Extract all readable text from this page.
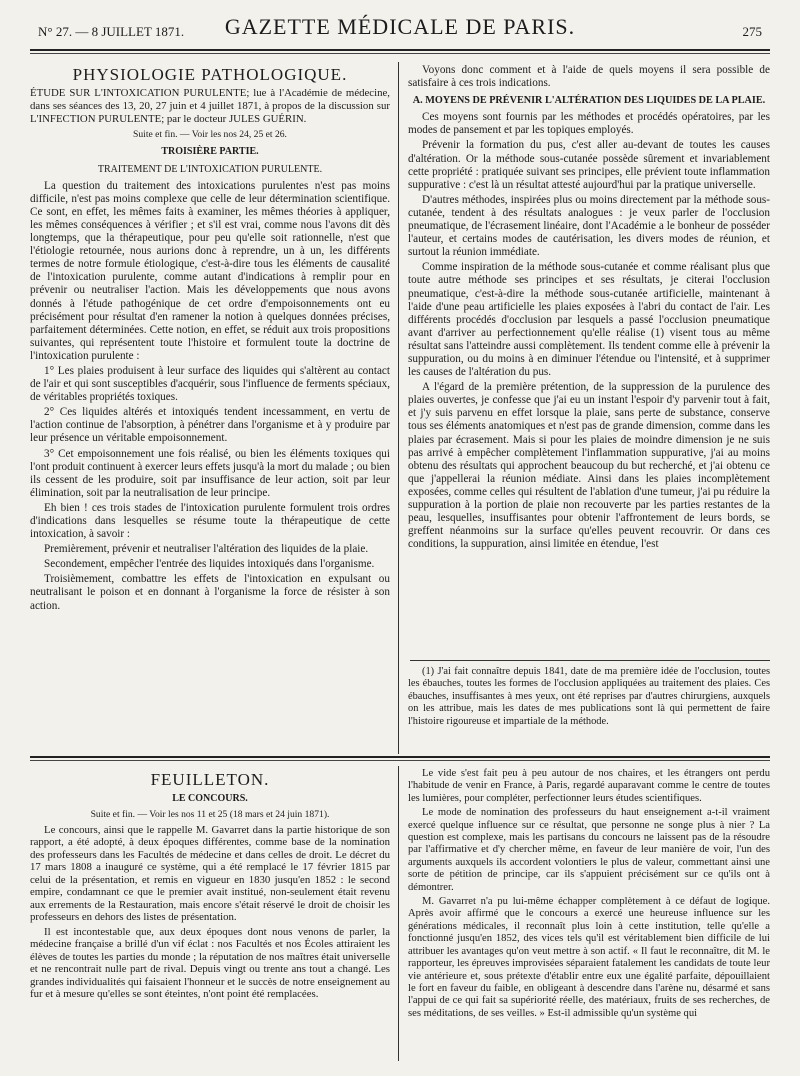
N° 27. — 8 JUILLET 1871.	GAZETTE MÉDICALE DE PARIS.	275
PHYSIOLOGIE PATHOLOGIQUE.

ÉTUDE SUR L'INTOXICATION PURULENTE; lue à l'Académie de médecine, dans ses séances des 13, 20, 27 juin et 4 juillet 1871, à propos de la discussion sur L'INFECTION PURULENTE; par le docteur JULES GUÉRIN.

Suite et fin. — Voir les nos 24, 25 et 26.

TROISIÈRE PARTIE.
TRAITEMENT DE L'INTOXICATION PURULENTE.

La question du traitement des intoxications purulentes n'est pas moins difficile, n'est pas moins complexe que celle de leur détermination scientifique. Ce sont, en effet, les mêmes faits à examiner, les mêmes théories à appliquer, les mêmes conséquences à vérifier ; et s'il est vrai, comme nous l'avons dit dès longtemps, que la thérapeutique, pour peu qu'elle soit rationnelle, n'est que l'étiologie retournée, nous aurions donc à reprendre, un à un, les différents termes de notre formule étiologique, c'est-à-dire tous les éléments de causalité de l'intoxication purulente, comme autant d'indications à remplir pour en prévenir ou neutraliser l'action. Mais les développements que nous avons donnés à l'étude pathogénique de cet ordre d'empoisonnements ont eu précisément pour résultat d'en ramener la notion à quelques données précises, parfaitement déterminées. Cette notion, en effet, se réduit aux trois propositions suivantes, qui représentent toute l'histoire et formulent toute la doctrine de l'intoxication purulente :

1° Les plaies produisent à leur surface des liquides qui s'altèrent au contact de l'air et qui sont susceptibles d'acquérir, sous l'influence de ferments spéciaux, de véritables propriétés toxiques.

2° Ces liquides altérés et intoxiqués tendent incessamment, en vertu de l'action continue de l'absorption, à pénétrer dans l'organisme et à y produire par leur présence un véritable empoisonnement.

3° Cet empoisonnement une fois réalisé, ou bien les éléments toxiques qui l'ont produit continuent à exercer leurs effets jusqu'à la mort du malade ; ou bien ils cessent de les produire, soit par insuffisance de leur action, soit par leur élimination, soit par la neutralisation de leur principe.

Eh bien ! ces trois stades de l'intoxication purulente formulent trois ordres d'indications dans lesquelles se résume toute la thérapeutique de cette intoxication, à savoir :

Premièrement, prévenir et neutraliser l'altération des liquides de la plaie.

Secondement, empêcher l'entrée des liquides intoxiqués dans l'organisme.

Troisièmement, combattre les effets de l'intoxication en expulsant ou neutralisant le poison et en donnant à l'organisme la force de résister à son action.

Voyons donc comment et à l'aide de quels moyens il sera possible de satisfaire à ces trois indications.

A. MOYENS DE PRÉVENIR L'ALTÉRATION DES LIQUIDES DE LA PLAIE.

Ces moyens sont fournis par les méthodes et procédés opératoires, par les modes de pansement et par les topiques employés.

Prévenir la formation du pus, c'est aller au-devant de toutes les causes d'altération. Or la méthode sous-cutanée possède sûrement et invariablement cette propriété : pratiquée suivant ses principes, elle prévient toute inflammation suppurative : c'est là un résultat attesté aujourd'hui par la pratique universelle.

D'autres méthodes, inspirées plus ou moins directement par la méthode sous-cutanée, tendent à des résultats analogues : je veux parler de l'occlusion pneumatique, de l'écrasement linéaire, dont l'Académie a le bonheur de posséder l'auteur, et certains modes de cautérisation, les divers modes de réunion, et surtout la réunion immédiate.

Comme inspiration de la méthode sous-cutanée et comme réalisant plus que toute autre méthode ses principes et ses résultats, je citerai l'occlusion pneumatique, c'est-à-dire la méthode sous-cutanée artificielle, maintenant à l'aide d'une peau artificielle les plaies exposées à l'abri du contact de l'air. Les différents procédés d'occlusion par lesquels a passé l'occlusion pneumatique avant d'arriver au perfectionnement qu'elle réalise (1) visent tous au même résultat sans l'atteindre aussi complètement. Ils tendent comme elle à prévenir la suppuration, ou du moins à en diminuer l'étendue ou l'intensité, et à supprimer les causes de l'altération du pus.

A l'égard de la première prétention, de la suppression de la purulence des plaies ouvertes, je confesse que j'ai eu un instant l'espoir d'y parvenir tout à fait, et j'y suis parvenu en effet lorsque la plaie, sans perte de substance, conserve tous ses éléments anatomiques et n'est pas de grande dimension, comme dans les plaies par écrasement. Mais si pour les plaies de moindre dimension je ne suis pas arrivé à empêcher complètement l'inflammation suppurative, j'ai au moins obtenu des résultats qui approchent beaucoup du but recherché, et j'ai obtenu ce que j'appellerai la réunion médiate. Ainsi dans les plaies incomplètement exposées, comme celles qui résultent de l'ablation d'une tumeur, j'ai pu réduire la suppuration à la portion de plaie non recouverte par les parties restantes de la peau, lesquelles, insuffisantes pour obtenir l'affrontement de leurs bords, se greffent néanmoins sur la surface qu'elles peuvent recouvrir. Or dans ces conditions, la suppuration, ainsi limitée en étendue, l'est

(1) J'ai fait connaître depuis 1841, date de ma première idée de l'occlusion, toutes les ébauches, toutes les formes de l'occlusion appliquées au traitement des plaies. Ces ébauches, insuffisantes à mes yeux, ont été reprises par d'autres chirurgiens, auxquels on les attribue, mais les dates de mes publications sont là qui permettent de faire l'histoire rigoureuse et impartiale de la méthode.

FEUILLETON.
LE CONCOURS.

Suite et fin. — Voir les nos 11 et 25 (18 mars et 24 juin 1871).

Le concours, ainsi que le rappelle M. Gavarret dans la partie historique de son rapport, a été adopté, à deux époques différentes, comme base de la nomination des professeurs dans les Facultés de médecine et dans celles de droit. Le décret du 17 mars 1808 a inauguré ce système, qui a été remplacé le 17 février 1815 par celui de la présentation, et remis en vigueur en 1830 jusqu'en 1852 : le second empire, condamnant ce que le premier avait institué, non-seulement était revenu aux errements de la Restauration, mais encore s'était réservé le droit de choisir les professeurs en dehors des listes de présentation.

Il est incontestable que, aux deux époques dont nous venons de parler, la médecine française a brillé d'un vif éclat : nos Facultés et nos Écoles attiraient les élèves de toutes les parties du monde ; la réputation de nos maîtres était universelle et ne rencontrait nulle part de rival. Depuis vingt ou trente ans tout a changé. Les grandes individualités qui faisaient l'honneur et le succès de notre enseignement au fur et à mesure qu'elles se sont éteintes, n'ont point été remplacées.

Le vide s'est fait peu à peu autour de nos chaires, et les étrangers ont perdu l'habitude de venir en France, à Paris, regardé auparavant comme le centre de toutes les lumières, pour compléter, perfectionner leurs études scientifiques.

Le mode de nomination des professeurs du haut enseignement a-t-il vraiment exercé quelque influence sur ce résultat, que personne ne songe plus à nier ? La question est complexe, mais les partisans du concours ne laissent pas de la résoudre par l'affirmative et d'y chercher même, en faveur de leur manière de voir, l'un des arguments auxquels ils accordent volontiers le plus de valeur, commettant ainsi une sorte de pétition de principe, car ils s'appuient précisément sur ce qu'ils ont à démontrer.

M. Gavarret n'a pu lui-même échapper complètement à ce défaut de logique. Après avoir affirmé que le concours a exercé une heureuse influence sur les générations médicales, il reconnaît plus loin à cette institution, telle qu'elle a fonctionné jusqu'en 1852, des vices tels qu'il est véritablement bien difficile de lui attribuer les avantages qu'on veut mettre à son actif. « Il faut le reconnaître, dit M. le rapporteur, les épreuves improvisées séparaient fatalement les candidats de toute leur vie antérieure et, sous prétexte d'établir entre eux une égalité parfaite, dépouillaient le fort en faveur du faible, en obligeant à descendre dans l'arène nu, désarmé et sans l'appui de ce qui fait sa supériorité réelle, des matériaux, fruits de ses recherches, de ses méditations, de ses veilles. » Est-il admissible qu'un système qui
